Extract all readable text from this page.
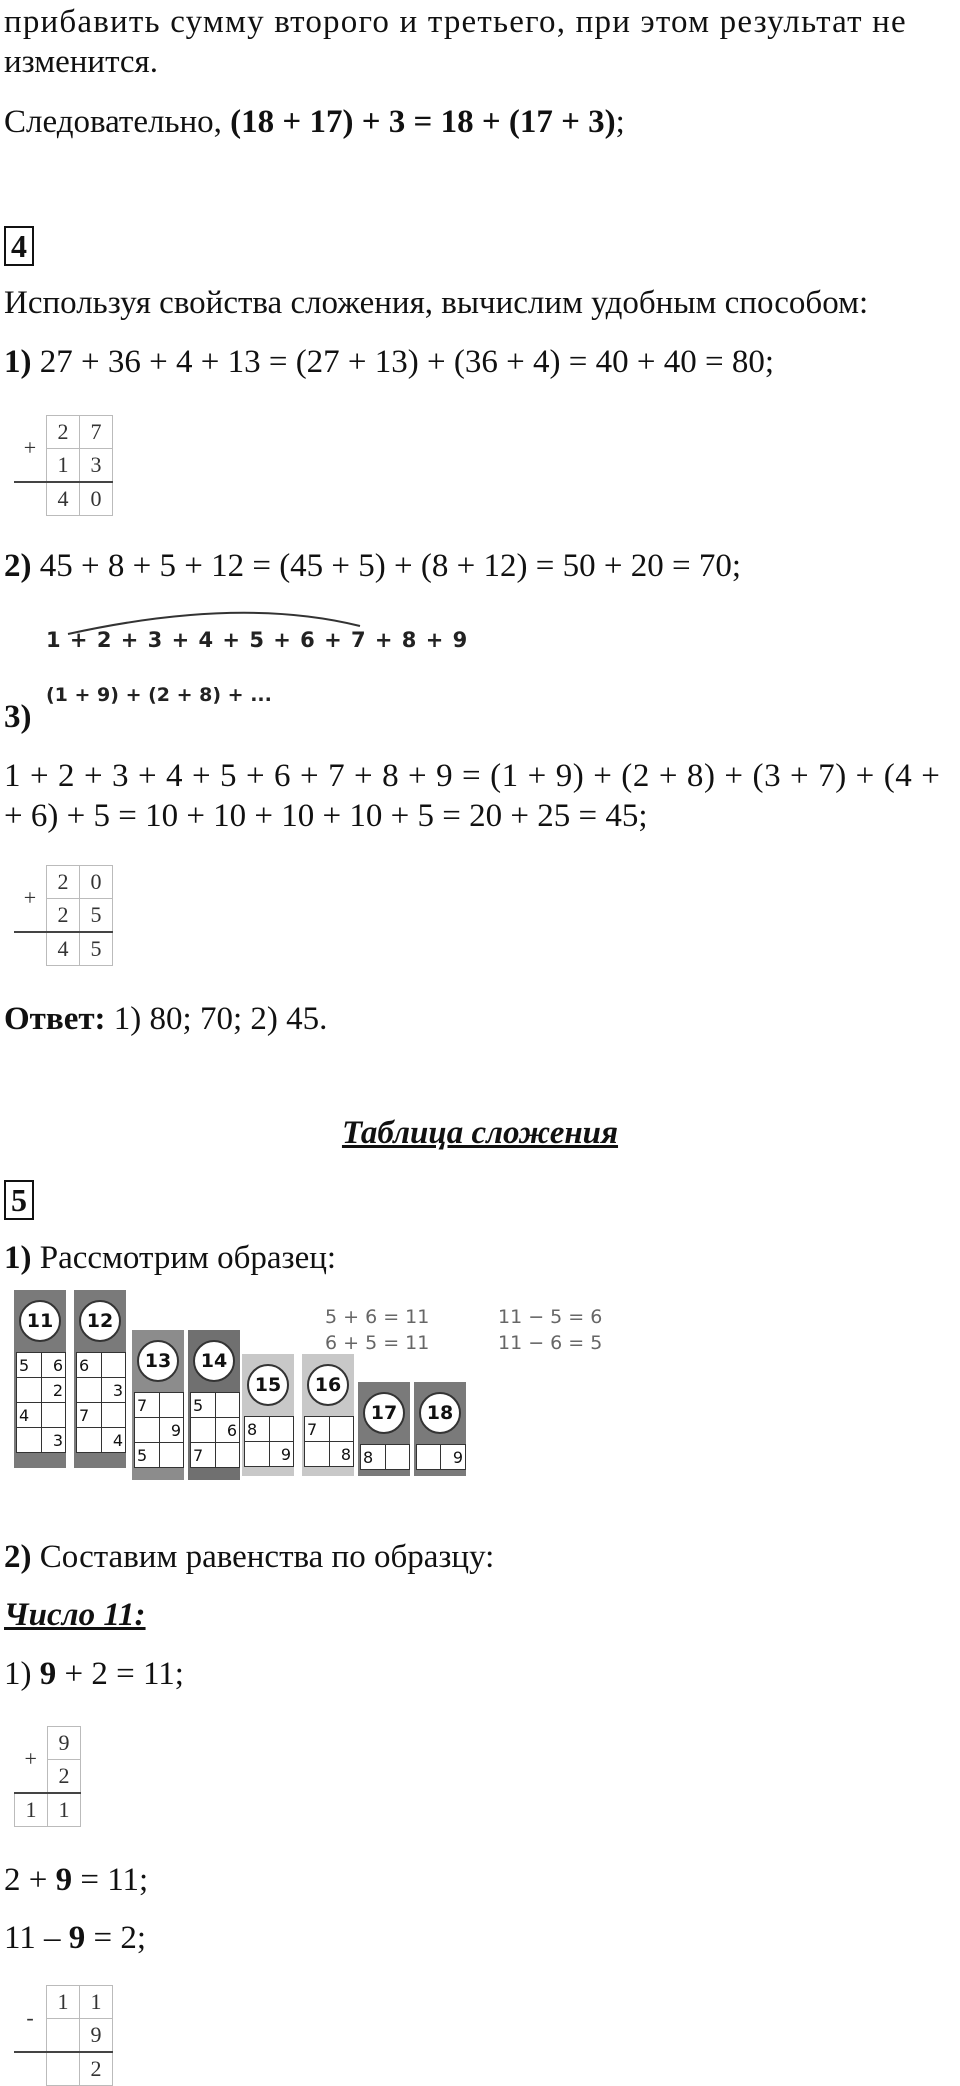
прибавить сумму второго и третьего, при этом результат не
изменится.
Следовательно, (18 + 17) + 3 = 18 + (17 + 3);
4
Используя свойства сложения, вычислим удобным способом:
1) 27 + 36 + 4 + 13 = (27 + 13) + (36 + 4) = 40 + 40 = 80;
+	2	7
	1	3
	4	0
2) 45 + 8 + 5 + 12 = (45 + 5) + (8 + 12) = 50 + 20 = 70;
1 + 2 + 3 + 4 + 5 + 6 + 7 + 8 + 9
(1 + 9) + (2 + 8) + ...
3)
1 + 2 + 3 + 4 + 5 + 6 + 7 + 8 + 9 = (1 + 9) + (2 + 8) + (3 + 7) + (4 +
+ 6) + 5 = 10 + 10 + 10 + 10 + 5 = 20 + 25 = 45;
+	2	0
	2	5
	4	5
Ответ: 1) 80; 70; 2) 45.
Таблица сложения
5
1) Рассмотрим образец:
11
5	6
	2
4	
	3
12
6	
	3
7	
	4
13
7	
	9
5	
14
5	
	6
7	
15
8	
	9
16
7	
	8
17
8	
18
	9
5 + 6 = 11
6 + 5 = 11
11 − 5 = 6
11 − 6 = 5
2) Составим равенства по образцу:
Число 11:
1) 9 + 2 = 11;
+	9
	2
1	1
2 + 9 = 11;
11 – 9 = 2;
-	1	1
		9
		2
